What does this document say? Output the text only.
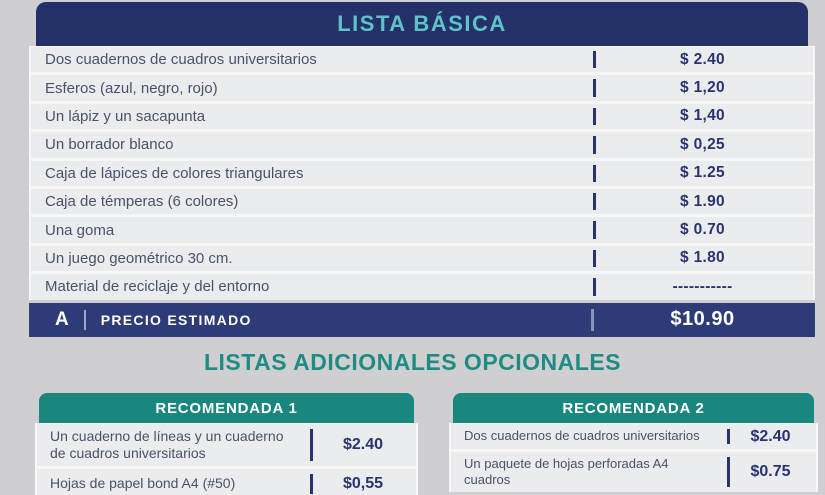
LISTA BÁSICA
Dos cuadernos de cuadros universitarios	$ 2.40
Esferos (azul, negro, rojo)	$ 1,20
Un lápiz y un sacapunta	$ 1,40
Un borrador blanco	$ 0,25
Caja de lápices de colores triangulares	$ 1.25
Caja de témperas (6 colores)	$ 1.90
Una goma	$ 0.70
Un juego geométrico 30 cm.	$ 1.80
Material de reciclaje y del entorno	-----------
A PRECIO ESTIMADO	$10.90
LISTAS ADICIONALES OPCIONALES
RECOMENDADA 1
Un cuaderno de líneas y un cuaderno de cuadros universitarios	$2.40
Hojas de papel bond A4 (#50)	$0,55
RECOMENDADA 2
Dos cuadernos de cuadros universitarios	$2.40
Un paquete de hojas perforadas A4 cuadros	$0.75
